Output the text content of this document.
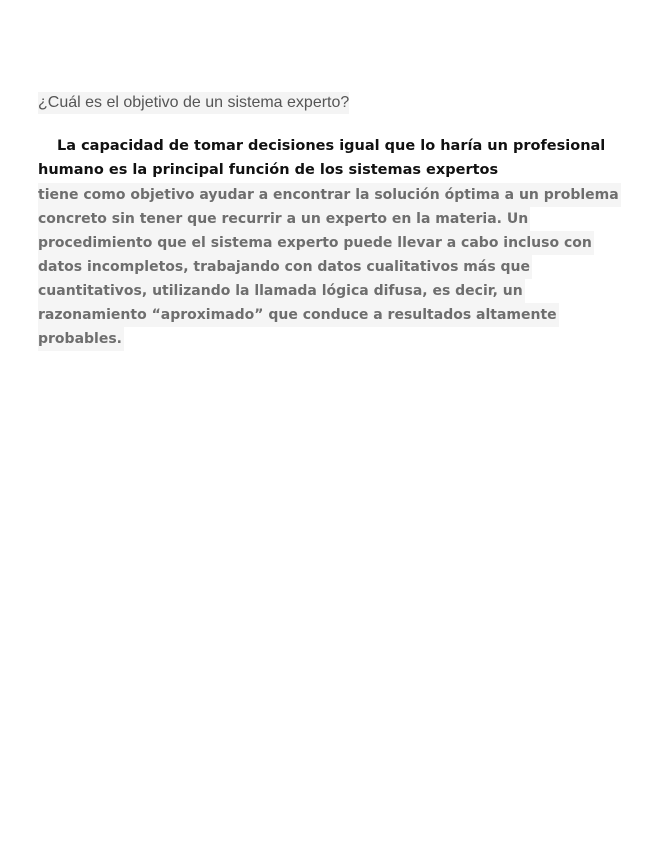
¿Cuál es el objetivo de un sistema experto?

La capacidad de tomar decisiones igual que lo haría un profesional
humano es la principal función de los sistemas expertos
tiene como objetivo ayudar a encontrar la solución óptima a un problema
concreto sin tener que recurrir a un experto en la materia. Un
procedimiento que el sistema experto puede llevar a cabo incluso con
datos incompletos, trabajando con datos cualitativos más que
cuantitativos, utilizando la llamada lógica difusa, es decir, un
razonamiento “aproximado” que conduce a resultados altamente
probables.
